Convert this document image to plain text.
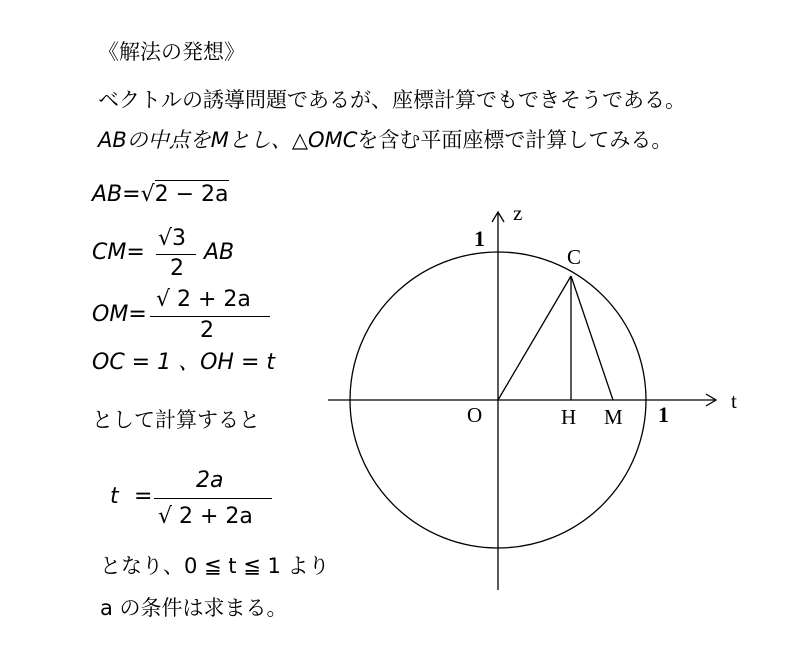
《解法の発想》
ベクトルの誘導問題であるが、座標計算でもできそうである。
ABの中点をMとし、△OMCを含む平面座標で計算してみる。
AB=√2 − 2a
CM=
√3
2
AB
OM=
√ 2 + 2a
2
OC = 1 、OH = t
として計算すると
t =
2a
√ 2 + 2a
となり、0 ≦ t ≦ 1 より
a の条件は求まる。
t
z
1
1
O	H M
C
